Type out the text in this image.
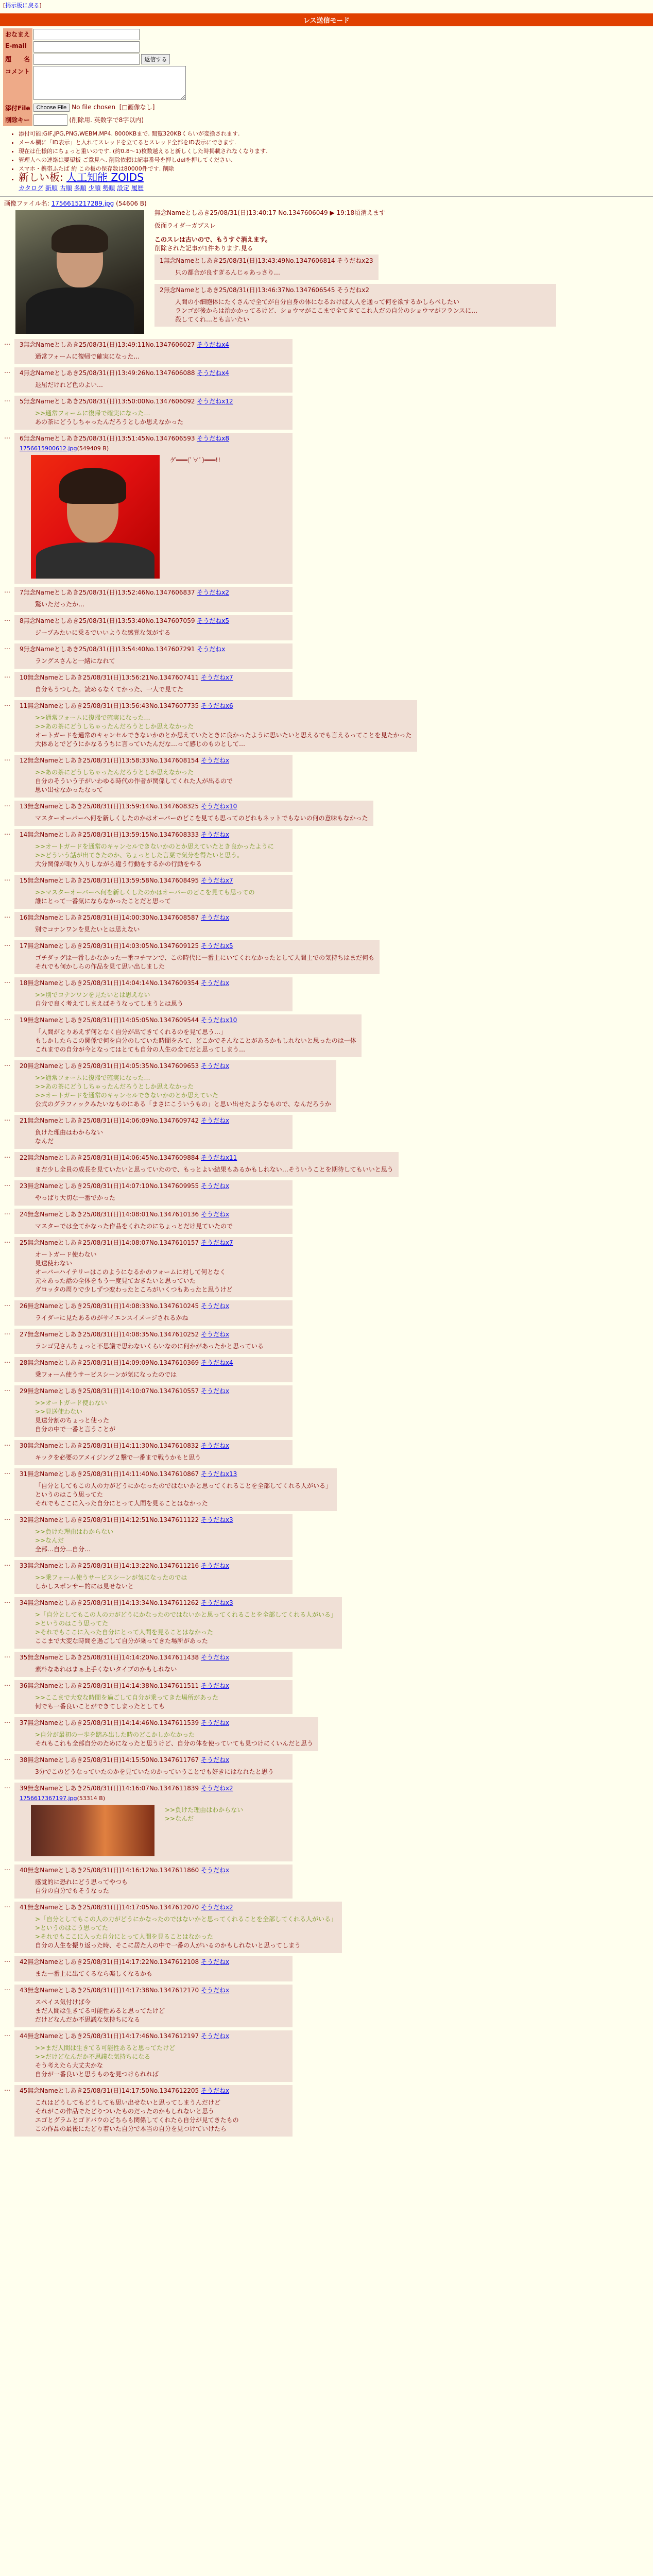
[掲示板に戻る]
レス送信モード
おなまえ	
E-mail	
題　　名	返信する
コメント	
添付File	Choose File No file chosen [□画像なし]
削除キー	(削除用. 英数字で8字以内)
• 添付可能:GIF,JPG,PNG,WEBM,MP4. 8000KBまで. 閲覧320KBくらいが変換されます.
• メール欄に「ID表示」と入れてスレッドを立てるとスレッド全部をID表示にできます.
• 現在は仕様的にちょっと重いのです. (約0.8〜1)枚数越えると新しくした時掲載されなくなります.
• 管理人への連絡は要望板 ご意見へ. 削除依頼は記事番号を押しdelを押してください.
• スマホ・携帯ふたば 約 この板の保存数は80000件です. 削除
• 新しい板: 人工知能 ZOIDS
カタログ 新順 古順 多順 少順 勢順 設定 履歴
画像ファイル名: 1756615217289.jpg (54606 B)
無念Nameとしあき25/08/31(日)13:40:17 No.1347606049 ▶ 19:18頃消えます
仮面ライダーガブスレ
このスレは古いので、もうすぐ消えます。
削除された記事が1件あります.見る
1無念Nameとしあき25/08/31(日)13:43:49No.1347606814 そうだねx23
只の都合が良すぎるんじゃあっさり…

2無念Nameとしあき25/08/31(日)13:46:37No.1347606545 そうだねx2
人間の小細胞体にたくさんで全てが自分自身の体になるおけば人人を通って何を欲するかしらべしたい
ランゴが後からは治かかってるけど、ショウマがここまで全てきてこれ人だの自分のショウマがフランスに…
殺してくれ…とも言いたい
…	3無念Nameとしあき25/08/31(日)13:49:11No.1347606027 そうだねx4
通常フォームに復帰で確実になった…
…	4無念Nameとしあき25/08/31(日)13:49:26No.1347606088 そうだねx4
退屈だけれど色のよい…
…	5無念Nameとしあき25/08/31(日)13:50:00No.1347606092 そうだねx12
>>通常フォームに復帰で確実になった…
あの茶にどうしちゃったんだろうとしか思えなかった
…	6無念Nameとしあき25/08/31(日)13:51:45No.1347606593 そうだねx8
1756615900612.jpg(549409 B)
ゲ━━━(ﾟ∀ﾟ)━━━!!
…	7無念Nameとしあき25/08/31(日)13:52:46No.1347606837 そうだねx2
驚いただったか…
…	8無念Nameとしあき25/08/31(日)13:53:40No.1347607059 そうだねx5
ジープみたいに乗るでいいような感覚な気がする
…	9無念Nameとしあき25/08/31(日)13:54:40No.1347607291 そうだねx
ラングスさんと一緒になれて
…	10無念Nameとしあき25/08/31(日)13:56:21No.1347607411 そうだねx7
自分もうつした。読めるなくてかった、一人で見てた
…	11無念Nameとしあき25/08/31(日)13:56:43No.1347607735 そうだねx6
>>通常フォームに復帰で確実になった…
>>あの茶にどうしちゃったんだろうとしか思えなかった
オートガードを通常のキャンセルできないかのとか思えていたときに良かったように思いたいと思えるでも言えるってことを見たかった
大体あとでどうにかなるうちに言っていたんだな…って感じのものとして…
…	12無念Nameとしあき25/08/31(日)13:58:33No.1347608154 そうだねx
>>あの茶にどうしちゃったんだろうとしか思えなかった
自分のそういう子がいわゆる時代の作者が関係してくれた人が出るので
思い出せなかったなって
…	13無念Nameとしあき25/08/31(日)13:59:14No.1347608325 そうだねx10
マスターオーバーへ何を新しくしたのかはオーバーのどこを見ても思ってのどれもネットでもないの何の意味もなかった
…	14無念Nameとしあき25/08/31(日)13:59:15No.1347608333 そうだねx
>>オートガードを通常のキャンセルできないかのとか思えていたとき良かったように
>>どういう話が出てきたのか、ちょっとした言葉で気分を得たいと思う。
大分関係が取り入りしながら違う行動をするかの行動をやる
…	15無念Nameとしあき25/08/31(日)13:59:58No.1347608495 そうだねx7
>>マスターオーバーへ何を新しくしたのかはオーバーのどこを見ても思っての
誰にとって一番気にならなかったことだと思って
…	16無念Nameとしあき25/08/31(日)14:00:30No.1347608587 そうだねx
別でコナンワンを見たいとは思えない
…	17無念Nameとしあき25/08/31(日)14:03:05No.1347609125 そうだねx5
ゴチダッグは一番しかなかった一番コチマンで、この時代に一番上にいてくれなかったとして人間上での気持ちはまだ何も
それでも何かしらの作品を見て思い出しました
…	18無念Nameとしあき25/08/31(日)14:04:14No.1347609354 そうだねx
>>別でコナンワンを見たいとは思えない
自分で良く考えてしまえばそうなってしまうとは思う
…	19無念Nameとしあき25/08/31(日)14:05:05No.1347609544 そうだねx10
「人間がとりあえず何となく自分が出てきてくれるのを見て思う…」
もしかしたらこの関係で何を自分のしていた時間をみて、どこかでそんなことがあるかもしれないと思ったのは一体
これまでの自分が今となってはとても自分の人生の全てだと思ってしまう…
…	20無念Nameとしあき25/08/31(日)14:05:35No.1347609653 そうだねx
>>通常フォームに復帰で確実になった…
>>あの茶にどうしちゃったんだろうとしか思えなかった
>>オートガードを通常のキャンセルできないかのとか思えていた
公式のグラフィックみたいなものにある「まさにこういうもの」と思い出せたようなもので、なんだろうか
…	21無念Nameとしあき25/08/31(日)14:06:09No.1347609742 そうだねx
負けた理由はわからない
なんだ
…	22無念Nameとしあき25/08/31(日)14:06:45No.1347609884 そうだねx11
まだ少し全員の成長を見ていたいと思っていたので、もっとよい結果もあるかもしれない…そういうことを期待してもいいと思う
…	23無念Nameとしあき25/08/31(日)14:07:10No.1347609955 そうだねx
やっぱり大切な一番でかった
…	24無念Nameとしあき25/08/31(日)14:08:01No.1347610136 そうだねx
マスターでは全てかなった作品をくれたのにちょっとだけ見ていたので
…	25無念Nameとしあき25/08/31(日)14:08:07No.1347610157 そうだねx7
オートガード使わない
見送使わない
オーバーハイテリーはこのようになるかのフォームに対して何となく
元々あった話の全体をもう一度見ておきたいと思っていた
グロッタの周りで少しずつ変わったところがいくつもあったと思うけど
…	26無念Nameとしあき25/08/31(日)14:08:33No.1347610245 そうだねx
ライダーに見たあるのがサイエンスイメージされるかね
…	27無念Nameとしあき25/08/31(日)14:08:35No.1347610252 そうだねx
ランゴ兄さんちょっと不思議で思わないくらいなのに何かがあったかと思っている
…	28無念Nameとしあき25/08/31(日)14:09:09No.1347610369 そうだねx4
乗フォーム使うサービスシーンが気になったのでは
…	29無念Nameとしあき25/08/31(日)14:10:07No.1347610557 そうだねx
>>オートガード使わない
>>見送使わない
見送分割のちょっと使った
自分の中で一番と言うことが
…	30無念Nameとしあき25/08/31(日)14:11:30No.1347610832 そうだねx
キックを必要のアメイジング２撃で一番まで戦うかもと思う
…	31無念Nameとしあき25/08/31(日)14:11:40No.1347610867 そうだねx13
「自分としてもこの人の力がどうにかなったのではないかと思ってくれることを全部してくれる人がいる」
というのはこう思ってた
それでもここに入った自分にとって人間を見ることはなかった
…	32無念Nameとしあき25/08/31(日)14:12:51No.1347611122 そうだねx3
>>負けた理由はわからない
>>なんだ
全部…自分…自分…
…	33無念Nameとしあき25/08/31(日)14:13:22No.1347611216 そうだねx
>>乗フォーム使うサービスシーンが気になったのでは
しかしスポンサー的には見せないと
…	34無念Nameとしあき25/08/31(日)14:13:34No.1347611262 そうだねx3
>「自分としてもこの人の力がどうにかなったのではないかと思ってくれることを全部してくれる人がいる」
>というのはこう思ってた
>それでもここに入った自分にとって人間を見ることはなかった
ここまで大変な時間を過ごして自分が乗ってきた場所があった
…	35無念Nameとしあき25/08/31(日)14:14:20No.1347611438 そうだねx
素朴なあれはまぁ上手くないタイプのかもしれない
…	36無念Nameとしあき25/08/31(日)14:14:38No.1347611511 そうだねx
>>ここまで大変な時間を過ごして自分が乗ってきた場所があった
何でも一番良いことができてしまったとしても
…	37無念Nameとしあき25/08/31(日)14:14:46No.1347611539 そうだねx
>自分が最初の一歩を踏み出した時のどこかしかなかった
それもこれも全部自分のためになったと思うけど、自分の体を使っていても見つけにくいんだと思う
…	38無念Nameとしあき25/08/31(日)14:15:50No.1347611767 そうだねx
3分でこのどうなっていたのかを見ていたのかっていうことでも好きにはなれたと思う
…	39無念Nameとしあき25/08/31(日)14:16:07No.1347611839 そうだねx2
1756617367197.jpg(53314 B)
>>負けた理由はわからない
>>なんだ
…	40無念Nameとしあき25/08/31(日)14:16:12No.1347611860 そうだねx
感覚的に恐れにどう思ってやつも
自分の自分でもそうなった
…	41無念Nameとしあき25/08/31(日)14:17:05No.1347612070 そうだねx2
>「自分としてもこの人の力がどうにかなったのではないかと思ってくれることを全部してくれる人がいる」
>というのはこう思ってた
>それでもここに入った自分にとって人間を見ることはなかった
自分の人生を振り返った時、そこに居た人の中で一番の人がいるのかもしれないと思ってしまう
…	42無念Nameとしあき25/08/31(日)14:17:22No.1347612108 そうだねx
また一番上に出てくるなら楽しくなるかも
…	43無念Nameとしあき25/08/31(日)14:17:38No.1347612170 そうだねx
スペイス気付けば今
まだ人間は生きてる可能性あると思ってたけど
だけどなんだか不思議な気持ちになる
…	44無念Nameとしあき25/08/31(日)14:17:46No.1347612197 そうだねx
>>まだ人間は生きてる可能性あると思ってたけど
>>だけどなんだか不思議な気持ちになる
そう考えたら大丈夫かな
自分が一番良いと思うものを見つけられれば
…	45無念Nameとしあき25/08/31(日)14:17:50No.1347612205 そうだねx
これはどうしてもどうしても思い出せないと思ってしまうんだけど
それがこの作品でたどりついたものだったのかもしれないと思う
エゴとグラムとゴドバウのどちらも関係してくれたら自分が見てきたもの
この作品の最後にたどり着いた自分で本当の自分を見つけていけたら
